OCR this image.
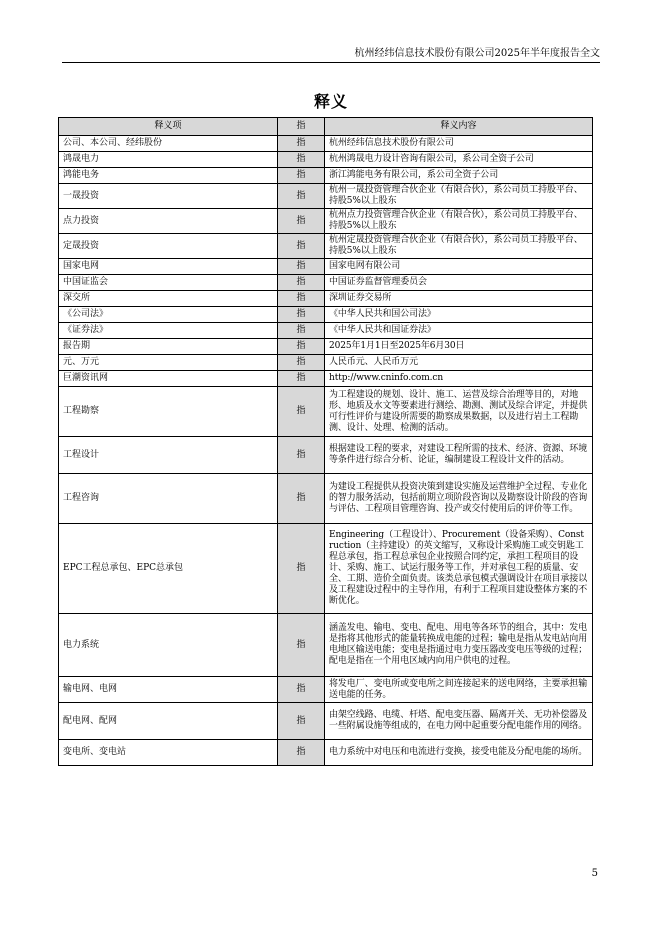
杭州经纬信息技术股份有限公司2025年半年度报告全文
释义
释义项	指	释义内容
公司、本公司、经纬股份	指	杭州经纬信息技术股份有限公司
鸿晟电力	指	杭州鸿晟电力设计咨询有限公司，系公司全资子公司
鸿能电务	指	浙江鸿能电务有限公司，系公司全资子公司
一晟投资	指	杭州一晟投资管理合伙企业（有限合伙），系公司员工持股平台、持股5%以上股东
点力投资	指	杭州点力投资管理合伙企业（有限合伙），系公司员工持股平台、持股5%以上股东
定晟投资	指	杭州定晟投资管理合伙企业（有限合伙），系公司员工持股平台、持股5%以上股东
国家电网	指	国家电网有限公司
中国证监会	指	中国证券监督管理委员会
深交所	指	深圳证券交易所
《公司法》	指	《中华人民共和国公司法》
《证券法》	指	《中华人民共和国证券法》
报告期	指	2025年1月1日至2025年6月30日
元、万元	指	人民币元、人民币万元
巨潮资讯网	指	http://www.cninfo.com.cn
工程勘察	指	为工程建设的规划、设计、施工、运营及综合治理等目的，对地形、地质及水文等要素进行测绘、勘测、测试及综合评定，并提供可行性评价与建设所需要的勘察成果数据，以及进行岩土工程勘测、设计、处理、检测的活动。
工程设计	指	根据建设工程的要求，对建设工程所需的技术、经济、资源、环境等条件进行综合分析、论证，编制建设工程设计文件的活动。
工程咨询	指	为建设工程提供从投资决策到建设实施及运营维护全过程、专业化的智力服务活动，包括前期立项阶段咨询以及勘察设计阶段的咨询与评估、工程项目管理咨询、投产或交付使用后的评价等工作。
EPC工程总承包、EPC总承包	指	Engineering（工程设计）、Procurement（设备采购）、Construction（主持建设）的英文缩写，又称设计采购施工或交钥匙工程总承包，指工程总承包企业按照合同约定，承担工程项目的设计、采购、施工、试运行服务等工作，并对承包工程的质量、安全、工期、造价全面负责。该类总承包模式强调设计在项目承接以及工程建设过程中的主导作用，有利于工程项目建设整体方案的不断优化。
电力系统	指	涵盖发电、输电、变电、配电、用电等各环节的组合，其中：发电是指将其他形式的能量转换成电能的过程；输电是指从发电站向用电地区输送电能；变电是指通过电力变压器改变电压等级的过程；配电是指在一个用电区域内向用户供电的过程。
输电网、电网	指	将发电厂、变电所或变电所之间连接起来的送电网络，主要承担输送电能的任务。
配电网、配网	指	由架空线路、电缆、杆塔、配电变压器、隔离开关、无功补偿器及一些附属设施等组成的，在电力网中起重要分配电能作用的网络。
变电所、变电站	指	电力系统中对电压和电流进行变换，接受电能及分配电能的场所。
5
